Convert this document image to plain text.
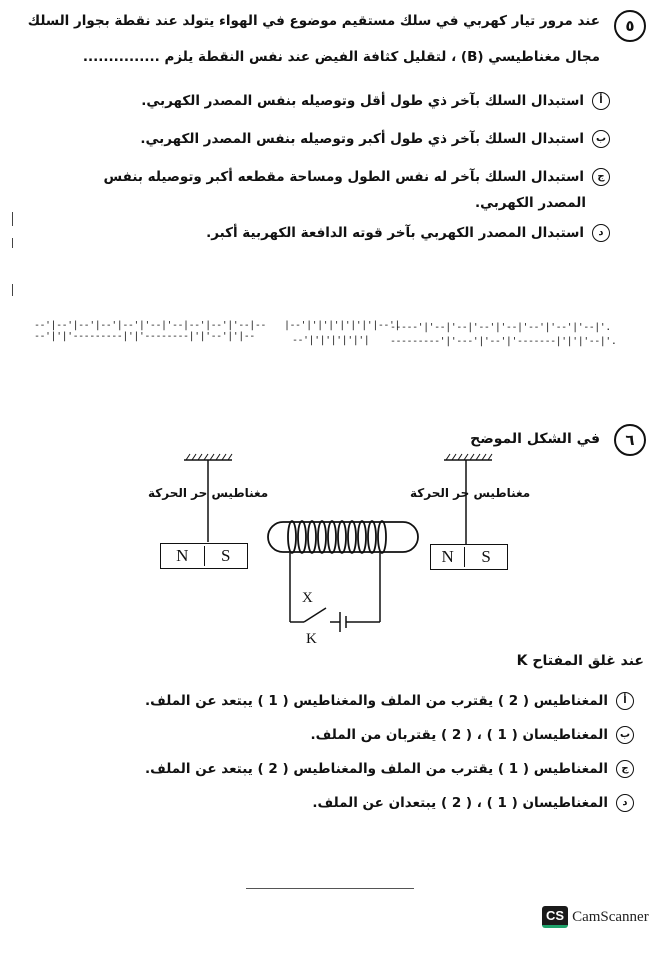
٥
عند مرور تيار كهربي في سلك مستقيم موضوع في الهواء يتولد عند نقطة بجوار السلك
مجال مغناطيسي (B) ، لتقليل كثافة الفيض عند نفس النقطة يلزم ...............
أاستبدال السلك بآخر ذي طول أقل وتوصيله بنفس المصدر الكهربي.
باستبدال السلك بآخر ذي طول أكبر وتوصيله بنفس المصدر الكهربي.
جاستبدال السلك بآخر له نفس الطول ومساحة مقطعه أكبر وتوصيله بنفس
المصدر الكهربي.
داستبدال المصدر الكهربي بآخر قوته الدافعة الكهربية أكبر.
--'|--'|--'|--'|--'|'--|'--|--'|--'|'--|--
--'|'|'---------|'|'--------|'|'--'|'|--
|--'|'|'|'|'|'|'|--'|
--'|'|'|'|'|'|
-----'|'--|'--|'--'|'--|'--'|'--'|'--|'.
---------'|'---'|'--'|'-------|'|'|'--|'.
٦
في الشكل الموضح
N	S	N	S
مغناطيس حر الحركة	مغناطيس حر الحركة
X
K
عند غلق المفتاح K
أالمغناطيس ( 2 ) يقترب من الملف والمغناطيس ( 1 ) يبتعد عن الملف.
بالمغناطيسان ( 1 ) ، ( 2 ) يقتربان من الملف.
جالمغناطيس ( 1 ) يقترب من الملف والمغناطيس ( 2 ) يبتعد عن الملف.
دالمغناطيسان ( 1 ) ، ( 2 ) يبتعدان عن الملف.
CS CamScanner
